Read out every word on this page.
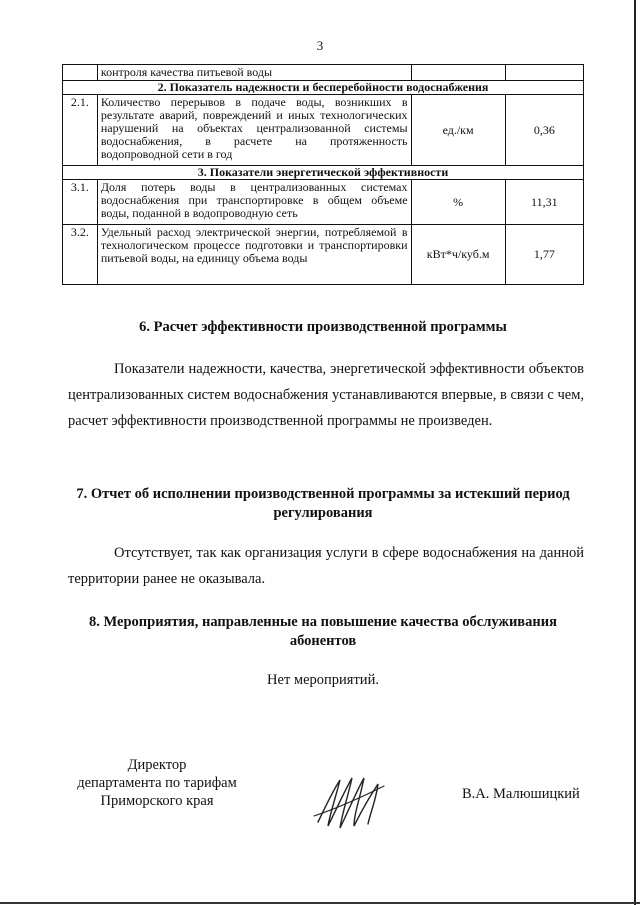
3
	контроля качества питьевой воды		
2. Показатель надежности и бесперебойности водоснабжения			
2.1.	Количество перерывов в подаче воды, возникших в результате аварий, повреждений и иных технологических нарушений на объектах централизованной системы водоснабжения, в расчете на протяженность водопроводной сети в год	ед./км	0,36
3. Показатели энергетической эффективности			
3.1.	Доля потерь воды в централизованных системах водоснабжения при транспортировке в общем объеме воды, поданной в водопроводную сеть	%	11,31
3.2.	Удельный расход электрической энергии, потребляемой в технологическом процессе подготовки и транспортировки питьевой воды, на единицу объема воды	кВт*ч/куб.м	1,77
6. Расчет эффективности производственной программы
Показатели надежности, качества, энергетической эффективности объектов централизованных систем водоснабжения устанавливаются впервые, в связи с чем, расчет эффективности производственной программы не произведен.
7. Отчет об исполнении производственной программы за истекший период регулирования
Отсутствует, так как организация услуги в сфере водоснабжения на данной территории ранее не оказывала.
8. Мероприятия, направленные на повышение качества обслуживания абонентов
Нет мероприятий.
Директор
департамента по тарифам
Приморского края	В.А. Малюшицкий
